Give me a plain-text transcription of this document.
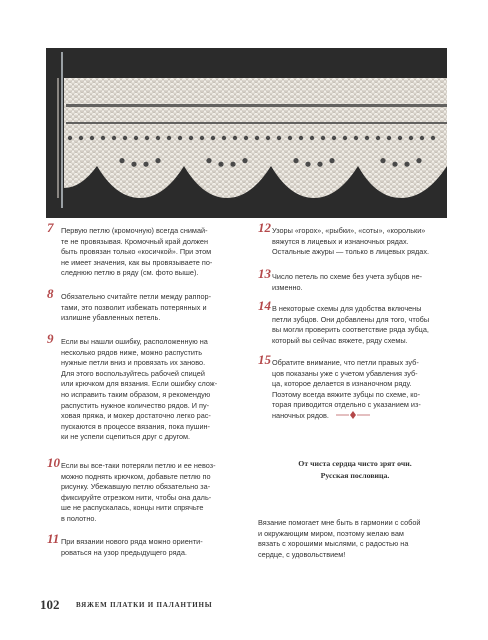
7 Первую петлю (кромочную) всегда снимай-
те не провязывая. Кромочный край должен
быть провязан только «косичкой». При этом
не имеет значения, как вы провязываете по-
следнюю петлю в ряду (см. фото выше).
8 Обязательно считайте петли между раппор-
тами, это позволит избежать потерянных и
излишне убавленных петель.
9 Если вы нашли ошибку, расположенную на
несколько рядов ниже, можно распустить
нужные петли вниз и провязать их заново.
Для этого воспользуйтесь рабочей спицей
или крючком для вязания. Если ошибку слож-
но исправить таким образом, я рекомендую
распустить нужное количество рядов. И пу-
ховая пряжа, и мохер достаточно легко рас-
пускаются в процессе вязания, пока пушин-
ки не успели сцепиться друг с другом.
10 Если вы все-таки потеряли петлю и ее невоз-
можно поднять крючком, добавьте петлю по
рисунку. Убежавшую петлю обязательно за-
фиксируйте отрезком нити, чтобы она даль-
ше не распускалась, концы нити спрячьте
в полотно.
11 При вязании нового ряда можно ориенти-
роваться на узор предыдущего ряда.
12 Узоры «горох», «рыбки», «соты», «корольки»
вяжутся в лицевых и изнаночных рядах.
Остальные ажуры — только в лицевых рядах.
13 Число петель по схеме без учета зубцов не-
изменно.
14 В некоторые схемы для удобства включены
петли зубцов. Они добавлены для того, чтобы
вы могли проверить соответствие ряда зубца,
который вы сейчас вяжете, ряду схемы.
15 Обратите внимание, что петли правых зуб-
цов показаны уже с учетом убавления зуб-
ца, которое делается в изнаночном ряду.
Поэтому всегда вяжите зубцы по схеме, ко-
торая приводится отдельно с указанием из-
наночных рядов.
От чиста сердца чисто зрят очи.
Русская пословица.
Вязание помогает мне быть в гармонии с собой
и окружающим миром, поэтому желаю вам
вязать с хорошими мыслями, с радостью на
сердце, с удовольствием!
102 ВЯЖЕМ ПЛАТКИ И ПАЛАНТИНЫ
